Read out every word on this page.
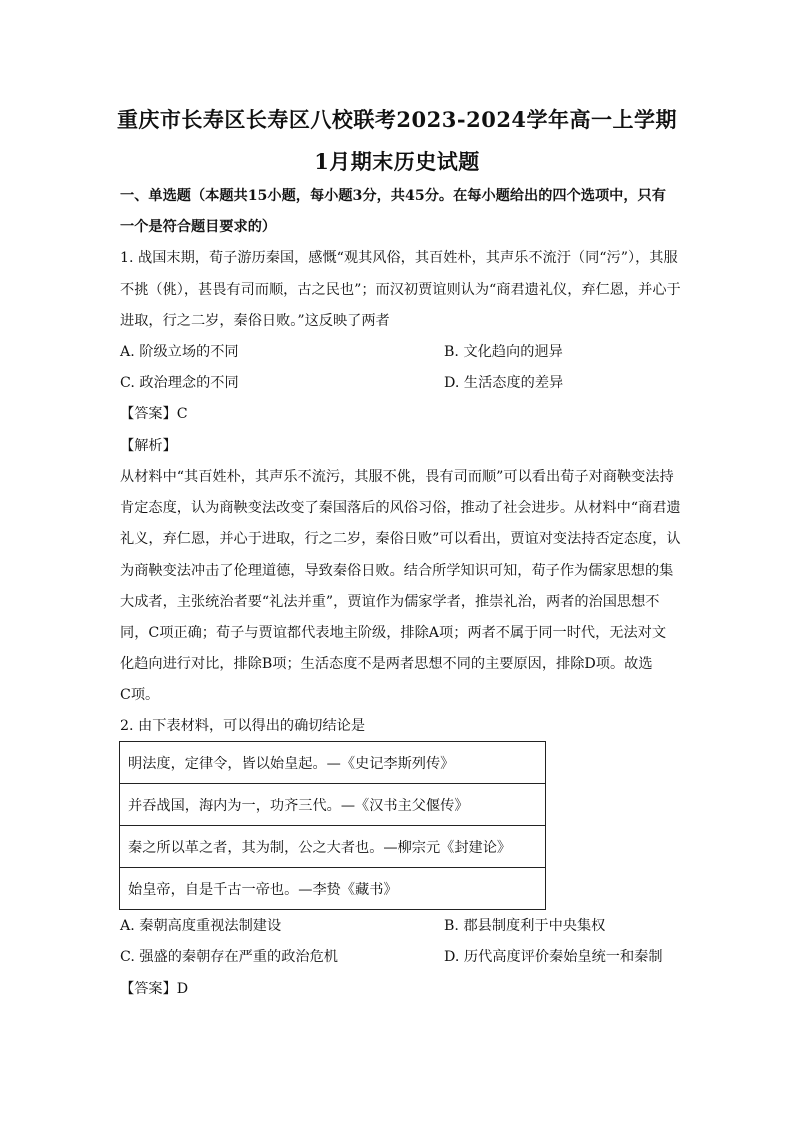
重庆市长寿区长寿区八校联考2023-2024学年高一上学期
1月期末历史试题
一、单选题（本题共15小题，每小题3分，共45分。在每小题给出的四个选项中，只有
一个是符合题目要求的）
1. 战国末期，荀子游历秦国，感慨“观其风俗，其百姓朴，其声乐不流汙（同“污”），其服
不挑（佻），甚畏有司而顺，古之民也”；而汉初贾谊则认为“商君遗礼仪，弃仁恩，并心于
进取，行之二岁，秦俗日败。”这反映了两者
A. 阶级立场的不同	B. 文化趋向的迥异
C. 政治理念的不同	D. 生活态度的差异
【答案】C
【解析】
从材料中“其百姓朴，其声乐不流污，其服不佻，畏有司而顺”可以看出荀子对商鞅变法持
肯定态度，认为商鞅变法改变了秦国落后的风俗习俗，推动了社会进步。从材料中“商君遗
礼义，弃仁恩，并心于进取，行之二岁，秦俗日败”可以看出，贾谊对变法持否定态度，认
为商鞅变法冲击了伦理道德，导致秦俗日败。结合所学知识可知，荀子作为儒家思想的集
大成者，主张统治者要“礼法并重”，贾谊作为儒家学者，推崇礼治，两者的治国思想不
同，C项正确；荀子与贾谊都代表地主阶级，排除A项；两者不属于同一时代，无法对文
化趋向进行对比，排除B项；生活态度不是两者思想不同的主要原因，排除D项。故选
C项。
2. 由下表材料，可以得出的确切结论是
明法度，定律令，皆以始皇起。—《史记李斯列传》
并吞战国，海内为一，功齐三代。—《汉书主父偃传》
秦之所以革之者，其为制，公之大者也。—柳宗元《封建论》
始皇帝，自是千古一帝也。—李贽《藏书》
A. 秦朝高度重视法制建设	B. 郡县制度利于中央集权
C. 强盛的秦朝存在严重的政治危机	D. 历代高度评价秦始皇统一和秦制
【答案】D
